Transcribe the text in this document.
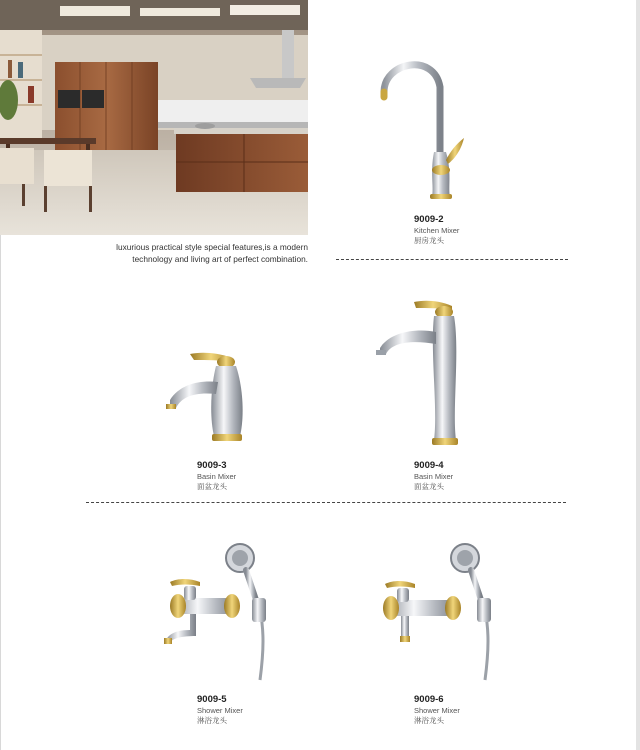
luxurious practical style special features,is a modern
technology and living art of perfect combination.
9009-2
Kitchen Mixer
厨房龙头
9009-3
Basin Mixer
面盆龙头
9009-4
Basin Mixer
面盆龙头
9009-5
Shower Mixer
淋浴龙头
9009-6
Shower Mixer
淋浴龙头
